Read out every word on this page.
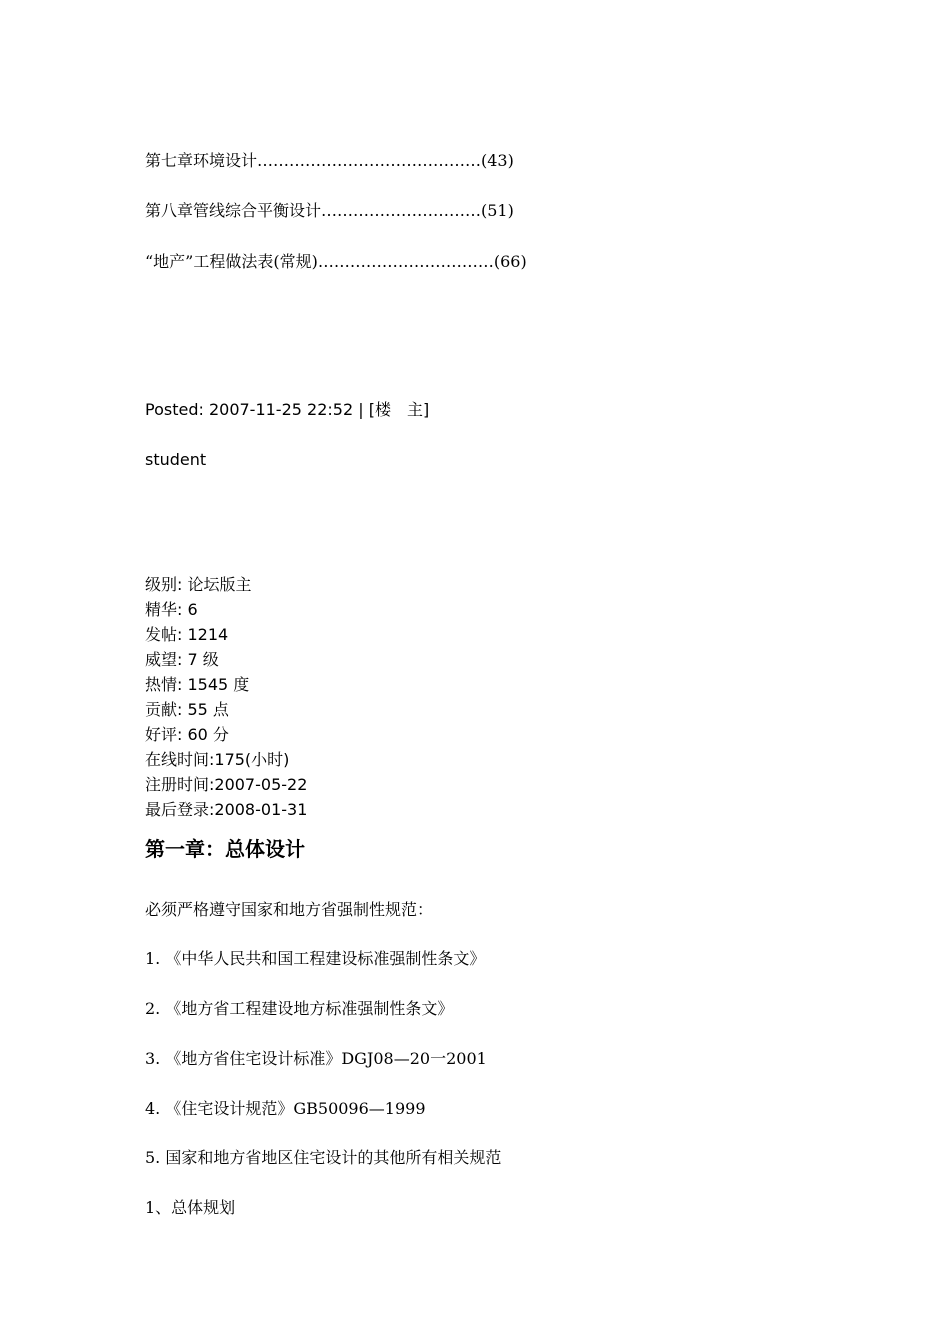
第七章环境设计……………………………………(43)
第八章管线综合平衡设计…………………………(51)
“地产”工程做法表(常规)……………………………(66)
Posted: 2007-11-25 22:52 | [楼　主]
student
级别: 论坛版主
精华: 6
发帖: 1214
威望: 7 级
热情: 1545 度
贡献: 55 点
好评: 60 分
在线时间:175(小时)
注册时间:2007-05-22
最后登录:2008-01-31
第一章：总体设计
必须严格遵守国家和地方省强制性规范：
1. 《中华人民共和国工程建设标准强制性条文》
2. 《地方省工程建设地方标准强制性条文》
3. 《地方省住宅设计标准》DGJ08—20一2001
4. 《住宅设计规范》GB50096—1999
5. 国家和地方省地区住宅设计的其他所有相关规范
1、总体规划
